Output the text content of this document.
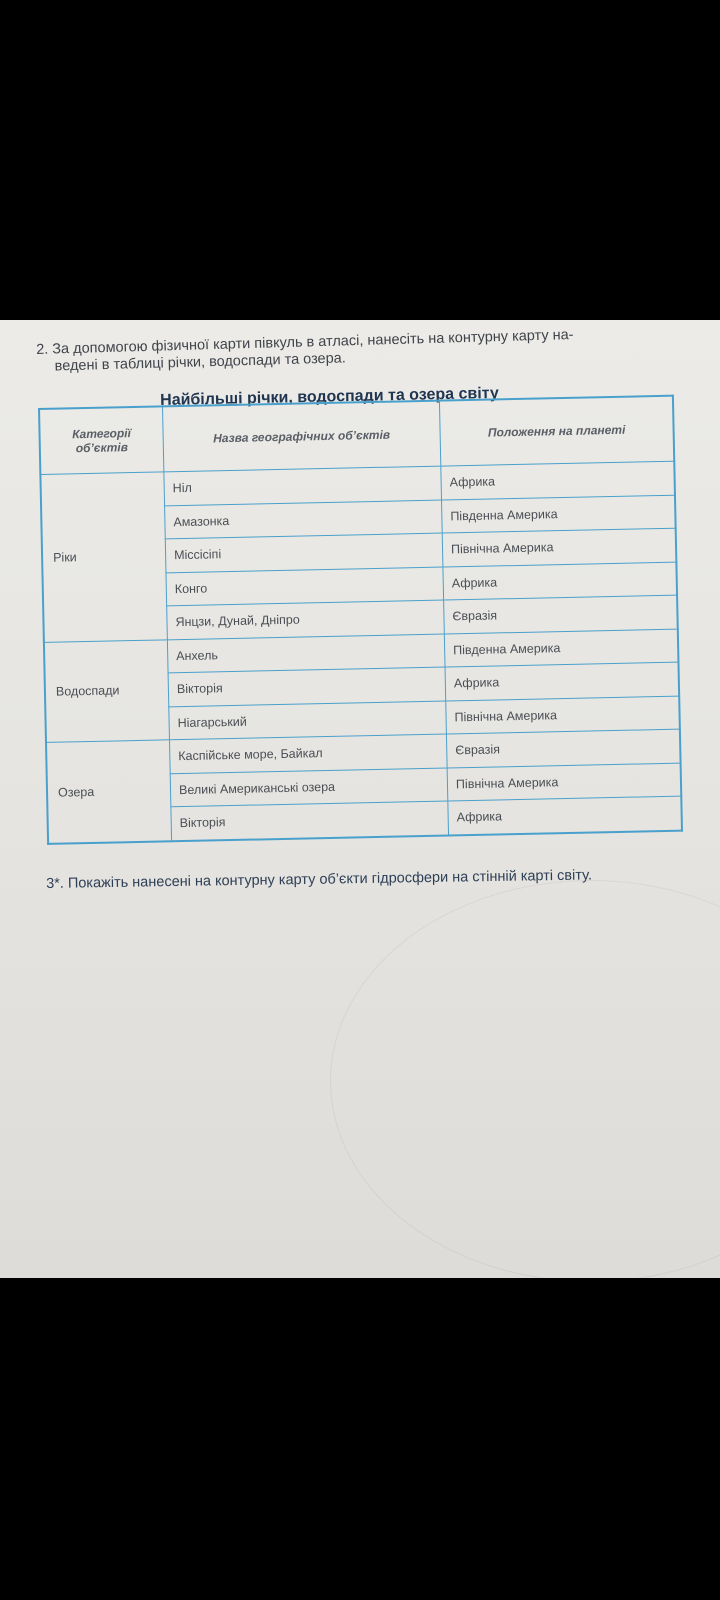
2. За допомогою фізичної карти півкуль в атласі, нанесіть на контурну карту на-
ведені в таблиці річки, водоспади та озера.
Найбільші річки, водоспади та озера світу
Категорії об’єктів	Назва географічних об’єктів	Положення на планеті
Ріки	Ніл	Африка
	Амазонка	Південна Америка
	Міссісіпі	Північна Америка
	Конго	Африка
	Янцзи, Дунай, Дніпро	Євразія
Водоспади	Анхель	Південна Америка
	Вікторія	Африка
	Ніагарський	Північна Америка
Озера	Каспійське море, Байкал	Євразія
	Великі Американські озера	Північна Америка
	Вікторія	Африка
3*. Покажіть нанесені на контурну карту об’єкти гідросфери на стінній карті світу.
